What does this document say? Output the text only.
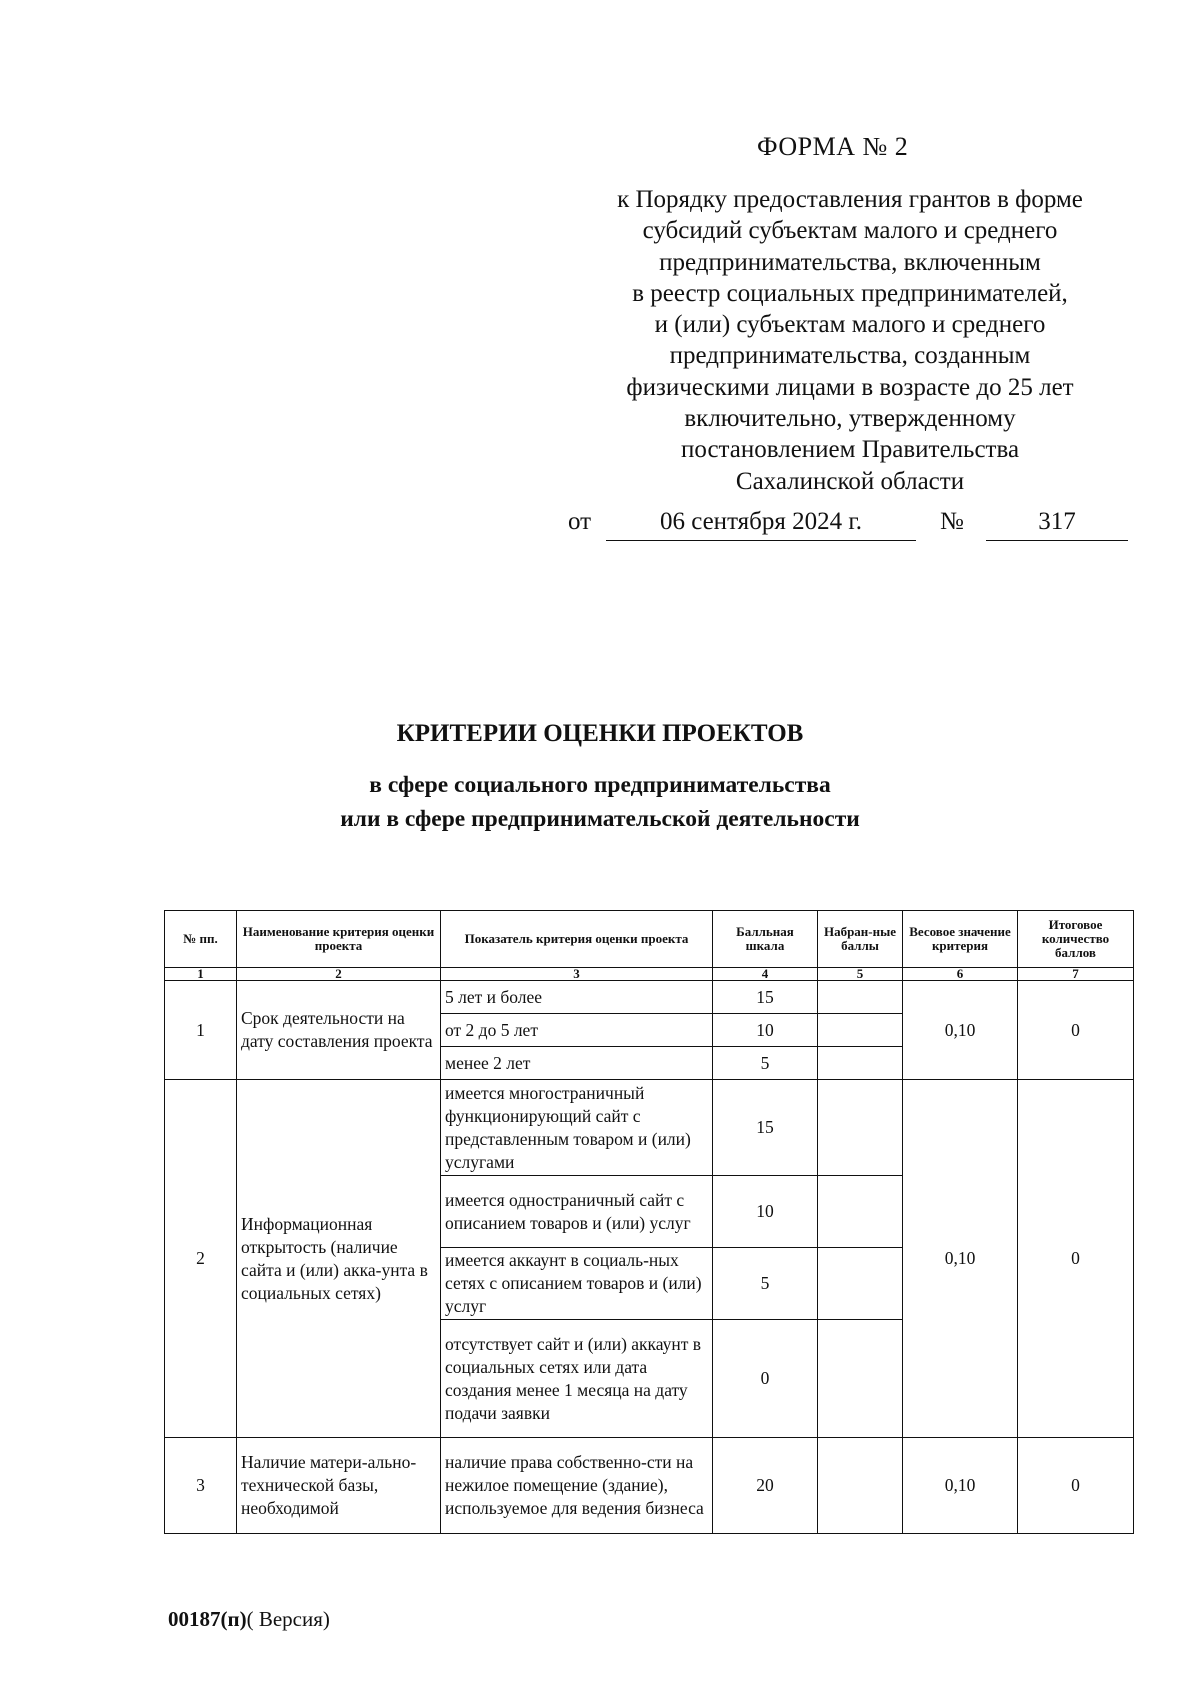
ФОРМА № 2
к Порядку предоставления грантов в форме
субсидий субъектам малого и среднего
предпринимательства, включенным
в реестр социальных предпринимателей,
и (или) субъектам малого и среднего
предпринимательства, созданным
физическими лицами в возрасте до 25 лет
включительно, утвержденному
постановлением Правительства
Сахалинской области
от	06 сентября 2024 г.	№	317
КРИТЕРИИ ОЦЕНКИ ПРОЕКТОВ
в сфере социального предпринимательства
или в сфере предпринимательской деятельности
№ пп.	Наименование критерия оценки проекта	Показатель критерия оценки проекта	Балльная шкала	Набран-ные баллы	Весовое значение критерия	Итоговое количество баллов
1	2	3	4	5	6	7
1	Срок деятельности на дату составления проекта	5 лет и более	15		0,10	0
		от 2 до 5 лет	10			
		менее 2 лет	5			
2	Информационная открытость (наличие сайта и (или) акка-унта в социальных сетях)	имеется многостраничный функционирующий сайт с представленным товаром и (или) услугами	15		0,10	0
		имеется одностраничный сайт с описанием товаров и (или) услуг	10			
		имеется аккаунт в социаль-ных сетях с описанием товаров и (или) услуг	5			
		отсутствует сайт и (или) аккаунт в социальных сетях или дата создания менее 1 месяца на дату подачи заявки	0			
3	Наличие матери-ально-технической базы, необходимой	наличие права собственно-сти на нежилое помещение (здание), используемое для ведения бизнеса	20		0,10	0
00187(п)( Версия)
